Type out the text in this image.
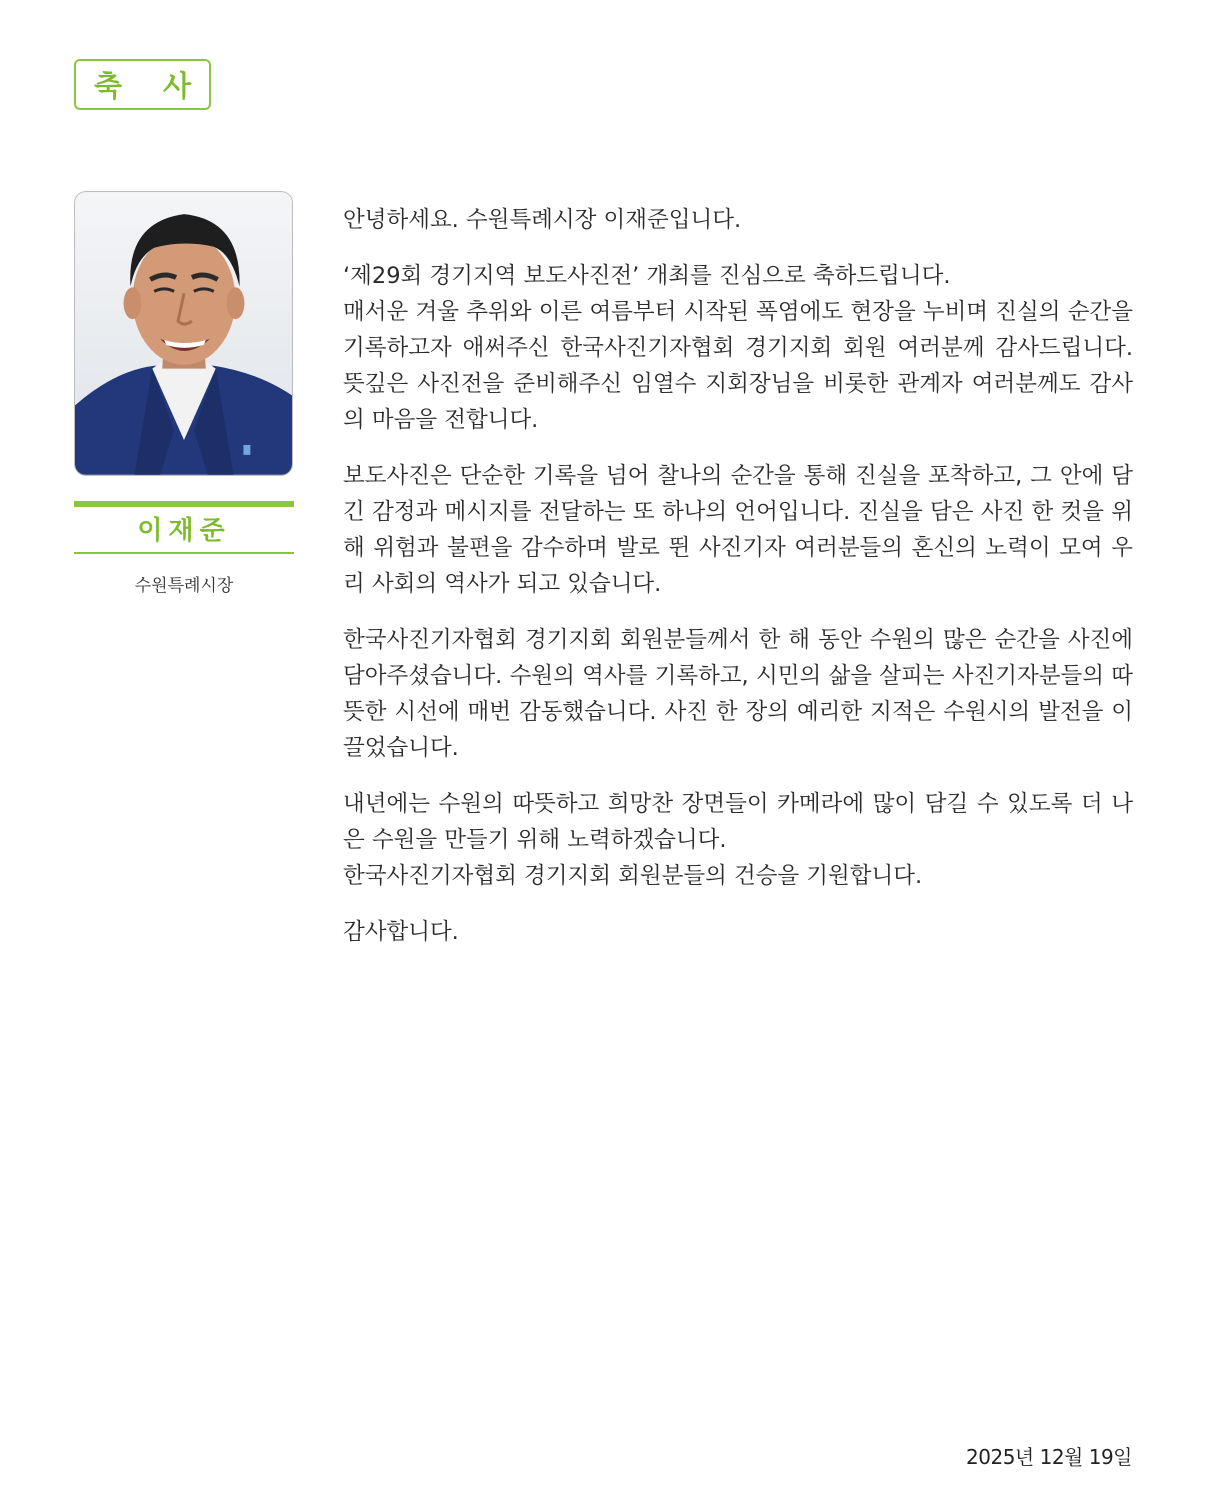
축 사
이재준
수원특례시장

안녕하세요. 수원특례시장 이재준입니다.

‘제29회 경기지역 보도사진전’ 개최를 진심으로 축하드립니다.
매서운 겨울 추위와 이른 여름부터 시작된 폭염에도 현장을 누비며 진실의 순간을 기록하고자 애써주신 한국사진기자협회 경기지회 회원 여러분께 감사드립니다. 뜻깊은 사진전을 준비해주신 임열수 지회장님을 비롯한 관계자 여러분께도 감사의 마음을 전합니다.

보도사진은 단순한 기록을 넘어 찰나의 순간을 통해 진실을 포착하고, 그 안에 담긴 감정과 메시지를 전달하는 또 하나의 언어입니다. 진실을 담은 사진 한 컷을 위해 위험과 불편을 감수하며 발로 뛴 사진기자 여러분들의 혼신의 노력이 모여 우리 사회의 역사가 되고 있습니다.

한국사진기자협회 경기지회 회원분들께서 한 해 동안 수원의 많은 순간을 사진에 담아주셨습니다. 수원의 역사를 기록하고, 시민의 삶을 살피는 사진기자분들의 따뜻한 시선에 매번 감동했습니다. 사진 한 장의 예리한 지적은 수원시의 발전을 이끌었습니다.

내년에는 수원의 따뜻하고 희망찬 장면들이 카메라에 많이 담길 수 있도록 더 나은 수원을 만들기 위해 노력하겠습니다.
한국사진기자협회 경기지회 회원분들의 건승을 기원합니다.

감사합니다.

2025년 12월 19일
